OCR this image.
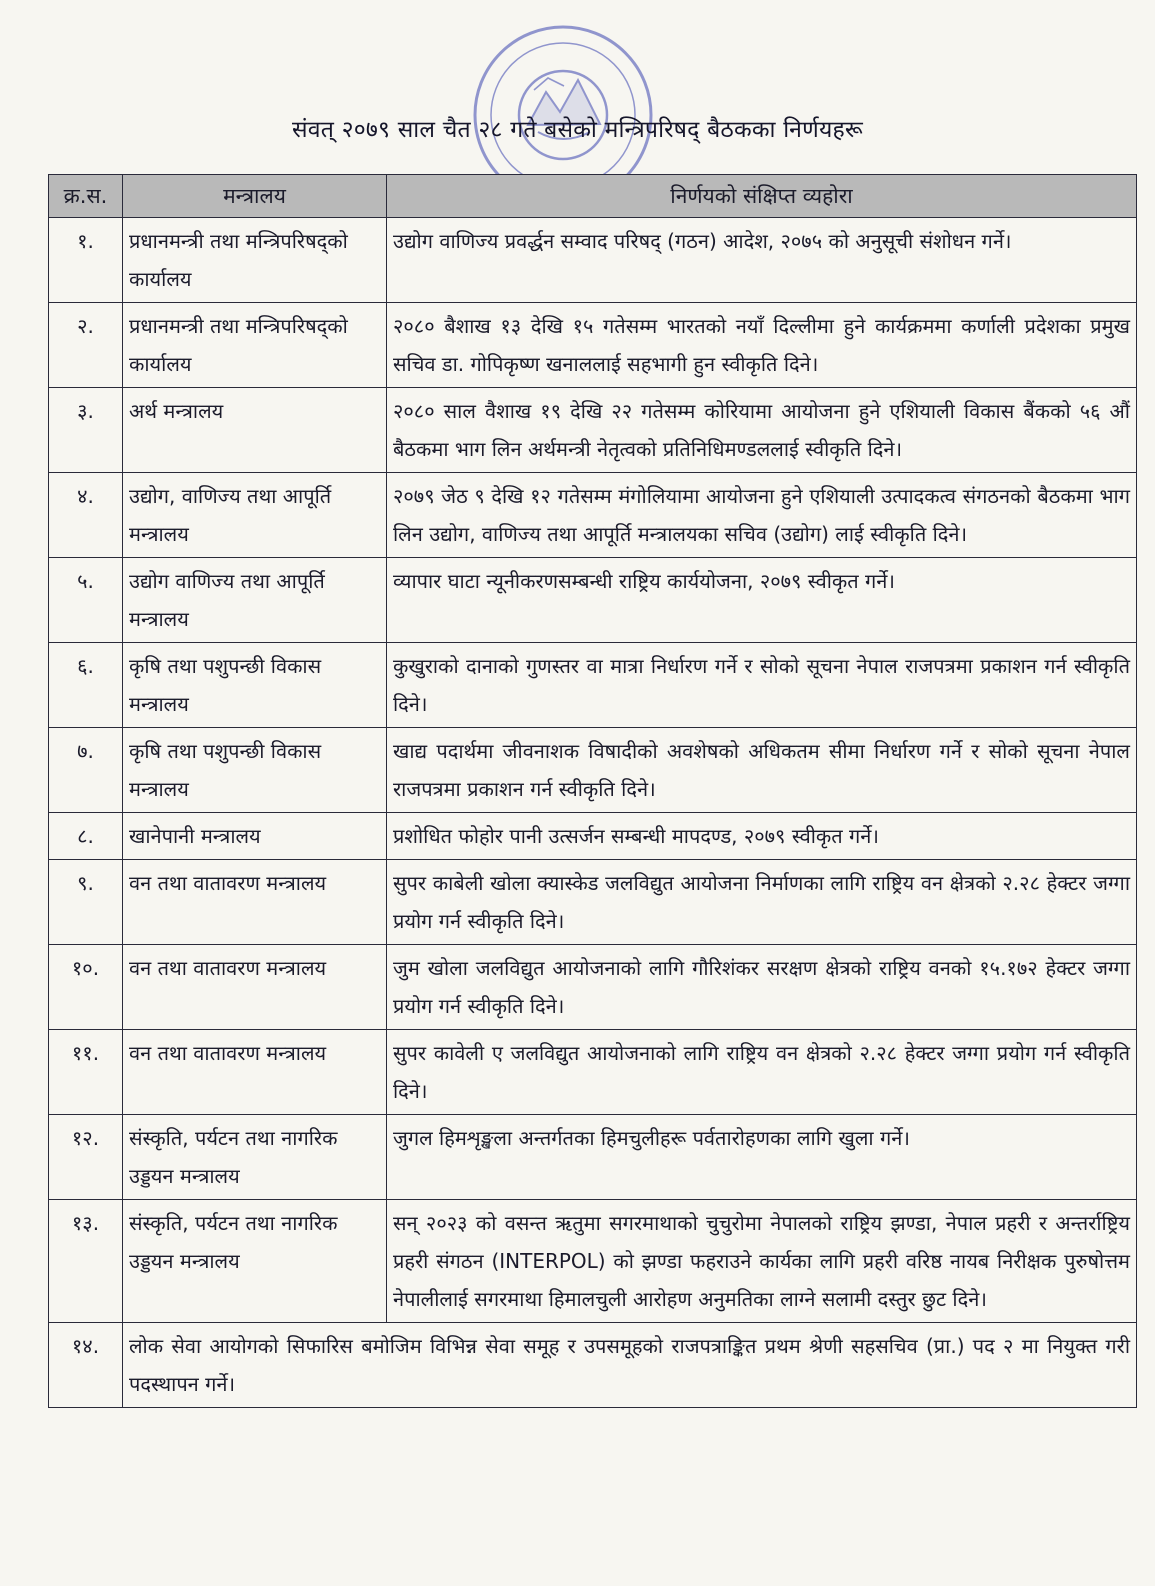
संवत् २०७९ साल चैत २८ गते बसेको मन्त्रिपरिषद् बैठकका निर्णयहरू
क्र.स.	मन्त्रालय	निर्णयको संक्षिप्त व्यहोरा
१.	प्रधानमन्त्री तथा मन्त्रिपरिषद्को कार्यालय	उद्योग वाणिज्य प्रवर्द्धन सम्वाद परिषद् (गठन) आदेश, २०७५ को अनुसूची संशोधन गर्ने।
२.	प्रधानमन्त्री तथा मन्त्रिपरिषद्को कार्यालय	२०८० बैशाख १३ देखि १५ गतेसम्म भारतको नयाँ दिल्लीमा हुने कार्यक्रममा कर्णाली प्रदेशका प्रमुख सचिव डा. गोपिकृष्ण खनाललाई सहभागी हुन स्वीकृति दिने।
३.	अर्थ मन्त्रालय	२०८० साल वैशाख १९ देखि २२ गतेसम्म कोरियामा आयोजना हुने एशियाली विकास बैंकको ५६ औं बैठकमा भाग लिन अर्थमन्त्री नेतृत्वको प्रतिनिधिमण्डललाई स्वीकृति दिने।
४.	उद्योग, वाणिज्य तथा आपूर्ति मन्त्रालय	२०७९ जेठ ९ देखि १२ गतेसम्म मंगोलियामा आयोजना हुने एशियाली उत्पादकत्व संगठनको बैठकमा भाग लिन उद्योग, वाणिज्य तथा आपूर्ति मन्त्रालयका सचिव (उद्योग) लाई स्वीकृति दिने।
५.	उद्योग वाणिज्य तथा आपूर्ति मन्त्रालय	व्यापार घाटा न्यूनीकरणसम्बन्धी राष्ट्रिय कार्ययोजना, २०७९ स्वीकृत गर्ने।
६.	कृषि तथा पशुपन्छी विकास मन्त्रालय	कुखुराको दानाको गुणस्तर वा मात्रा निर्धारण गर्ने र सोको सूचना नेपाल राजपत्रमा प्रकाशन गर्न स्वीकृति दिने।
७.	कृषि तथा पशुपन्छी विकास मन्त्रालय	खाद्य पदार्थमा जीवनाशक विषादीको अवशेषको अधिकतम सीमा निर्धारण गर्ने र सोको सूचना नेपाल राजपत्रमा प्रकाशन गर्न स्वीकृति दिने।
८.	खानेपानी मन्त्रालय	प्रशोधित फोहोर पानी उत्सर्जन सम्बन्धी मापदण्ड, २०७९ स्वीकृत गर्ने।
९.	वन तथा वातावरण मन्त्रालय	सुपर काबेली खोला क्यास्केड जलविद्युत आयोजना निर्माणका लागि राष्ट्रिय वन क्षेत्रको २.२८ हेक्टर जग्गा प्रयोग गर्न स्वीकृति दिने।
१०.	वन तथा वातावरण मन्त्रालय	जुम खोला जलविद्युत आयोजनाको लागि गौरिशंकर सरक्षण क्षेत्रको राष्ट्रिय वनको १५.१७२ हेक्टर जग्गा प्रयोग गर्न स्वीकृति दिने।
११.	वन तथा वातावरण मन्त्रालय	सुपर कावेली ए जलविद्युत आयोजनाको लागि राष्ट्रिय वन क्षेत्रको २.२८ हेक्टर जग्गा प्रयोग गर्न स्वीकृति दिने।
१२.	संस्कृति, पर्यटन तथा नागरिक उड्डयन मन्त्रालय	जुगल हिमशृङ्खला अन्तर्गतका हिमचुलीहरू पर्वतारोहणका लागि खुला गर्ने।
१३.	संस्कृति, पर्यटन तथा नागरिक उड्डयन मन्त्रालय	सन् २०२३ को वसन्त ऋतुमा सगरमाथाको चुचुरोमा नेपालको राष्ट्रिय झण्डा, नेपाल प्रहरी र अन्तर्राष्ट्रिय प्रहरी संगठन (INTERPOL) को झण्डा फहराउने कार्यका लागि प्रहरी वरिष्ठ नायब निरीक्षक पुरुषोत्तम नेपालीलाई सगरमाथा हिमालचुली आरोहण अनुमतिका लाग्ने सलामी दस्तुर छुट दिने।
१४.	लोक सेवा आयोगको सिफारिस बमोजिम विभिन्न सेवा समूह र उपसमूहको राजपत्राङ्कित प्रथम श्रेणी सहसचिव (प्रा.) पद २ मा नियुक्त गरी पदस्थापन गर्ने।	
